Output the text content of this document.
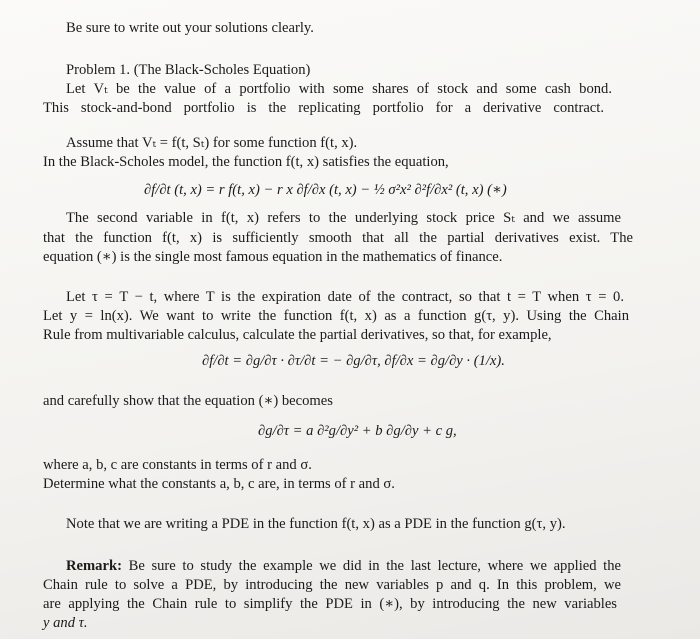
Be sure to write out your solutions clearly.
Problem 1. (The Black-Scholes Equation)
Let Vₜ be the value of a portfolio with some shares of stock and some cash bond.
This stock-and-bond portfolio is the replicating portfolio for a derivative contract.
Assume that Vₜ = f(t, Sₜ) for some function f(t, x).
In the Black-Scholes model, the function f(t, x) satisfies the equation,
∂f/∂t (t, x) = r f(t, x) − r x ∂f/∂x (t, x) − ½ σ²x² ∂²f/∂x² (t, x) (∗)
The second variable in f(t, x) refers to the underlying stock price Sₜ and we assume
that the function f(t, x) is sufficiently smooth that all the partial derivatives exist. The
equation (∗) is the single most famous equation in the mathematics of finance.
Let τ = T − t, where T is the expiration date of the contract, so that t = T when τ = 0.
Let y = ln(x). We want to write the function f(t, x) as a function g(τ, y). Using the Chain
Rule from multivariable calculus, calculate the partial derivatives, so that, for example,
∂f/∂t = ∂g/∂τ · ∂τ/∂t = − ∂g/∂τ, ∂f/∂x = ∂g/∂y · (1/x).
and carefully show that the equation (∗) becomes
∂g/∂τ = a ∂²g/∂y² + b ∂g/∂y + c g,
where a, b, c are constants in terms of r and σ.
Determine what the constants a, b, c are, in terms of r and σ.
Note that we are writing a PDE in the function f(t, x) as a PDE in the function g(τ, y).
Remark: Be sure to study the example we did in the last lecture, where we applied the
Chain rule to solve a PDE, by introducing the new variables p and q. In this problem, we
are applying the Chain rule to simplify the PDE in (∗), by introducing the new variables
y and τ.
